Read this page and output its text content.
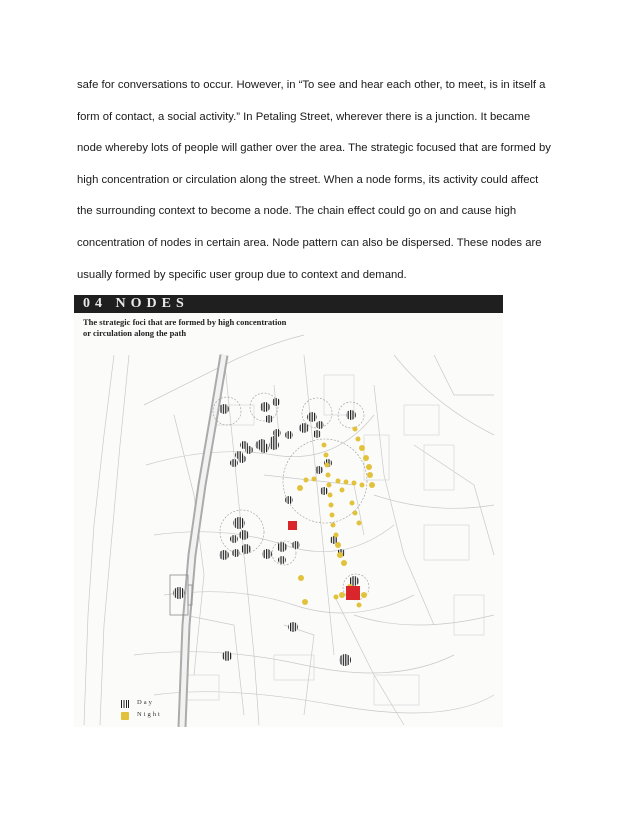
safe for conversations to occur. However, in “To see and hear each other, to meet, is in itself a

form of contact, a social activity.” In Petaling Street, wherever there is a junction. It became

node whereby lots of people will gather over the area. The strategic focused that are formed by

high concentration or circulation along the street. When a node forms, its activity could affect

the surrounding context to become a node. The chain effect could go on and cause high

concentration of nodes in certain area. Node pattern can also be dispersed. These nodes are

usually formed by specific user group due to context and demand.

04 NODES
The strategic foci that are formed by high concentration
or circulation along the path
Day
Night
